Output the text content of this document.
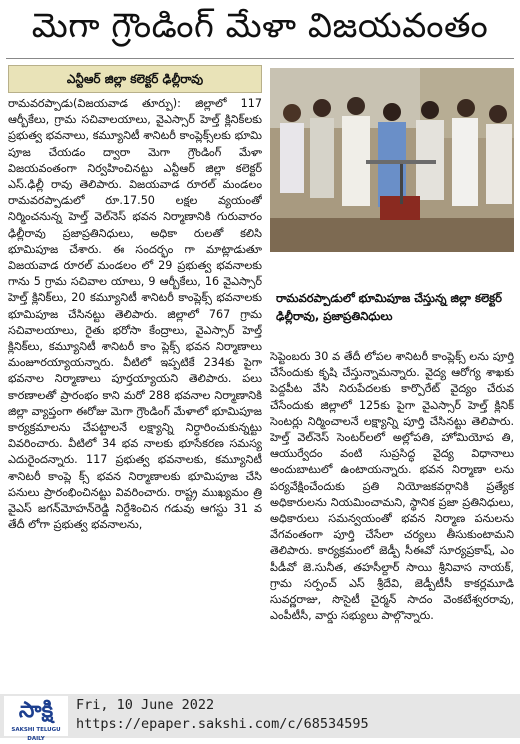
మెగా గ్రౌండింగ్ మేళా విజయవంతం
ఎన్టీఆర్ జిల్లా కలెక్టర్ ఢిల్లీరావు

రామవరప్పాడు(విజయవాడ తూర్పు): జిల్లాలో 117 ఆర్బీకేలు, గ్రామ సచివాలయాలు, వైఎస్సార్ హెల్త్ క్లినిక్‌లకు ప్రభుత్వ భవనాలు, కమ్యూనిటీ శానిటరీ కాంప్లెక్స్‌లకు భూమి పూజ చేయడం ద్వారా మెగా గ్రౌండింగ్ మేళా విజయవంతంగా నిర్వహించినట్టు ఎన్టీఆర్ జిల్లా కలెక్టర్ ఎస్.ఢిల్లీ రావు తెలిపారు. విజయవాడ రూరల్ మండలం రామవరప్పాడులో రూ.17.50 లక్షల వ్యయంతో నిర్మించనున్న హెల్త్ వెల్‌నెస్ భవన నిర్మాణానికి గురువారం ఢిల్లీరావు ప్రజాప్రతినిధులు, అధికా రులతో కలిసి భూమిపూజ చేశారు. ఈ సందర్భం గా మాట్లాడుతూ విజయవాడ రూరల్ మండలం లో 29 ప్రభుత్వ భవనాలకు గాను 5 గ్రామ సచివాల యాలు, 9 ఆర్బీకేలు, 16 వైఎస్సార్ హెల్త్ క్లినిక్‌లు, 20 కమ్యూనిటీ శానిటరీ కాంప్లెక్స్ భవనాలకు భూమిపూజ చేసినట్టు తెలిపారు. జిల్లాలో 767 గ్రామ సచివాలయాలు, రైతు భరోసా కేంద్రాలు, వైఎస్సార్ హెల్త్ క్లినిక్‌లు, కమ్యూనిటీ శానిటరీ కాం ప్లెక్స్ భవన నిర్మాణాలు మంజూరయ్యాయన్నారు. వీటిలో ఇప్పటికే 234కు పైగా భవనాల నిర్మాణాలు పూర్తయ్యాయని తెలిపారు. పలు కారణాలతో ప్రారంభం కాని మరో 288 భవనాల నిర్మాణానికి జిల్లా వ్యాప్తంగా ఈరోజు మెగా గ్రౌండింగ్ మేళాలో భూమిపూజ కార్యక్రమాలను చేపట్టాలనే లక్ష్యాన్ని నిర్ధారించుకున్నట్టు వివరించారు. వీటిలో 34 భవ నాలకు భూసేకరణ సమస్య ఎదురైందన్నారు. 117 ప్రభుత్వ భవనాలకు, కమ్యూనిటీ శానిటరీ కాంప్లె క్స్ భవన నిర్మాణాలకు భూమిపూజ చేసి పనులు ప్రారంభించినట్టు వివరించారు. రాష్ట్ర ముఖ్యమం త్రి వైఎస్ జగన్‌మోహన్‌రెడ్డి నిర్దేశించిన గడువు ఆగస్టు 31 వ తేదీ లోగా ప్రభుత్వ భవనాలను,

రామవరప్పాడులో భూమిపూజ చేస్తున్న జిల్లా కలెక్టర్ ఢిల్లీరావు, ప్రజాప్రతినిధులు

సెప్టెంబరు 30 వ తేదీ లోపల శానిటరీ కాంప్లెక్స్ లను పూర్తి చేసేందుకు కృషి చేస్తున్నామన్నారు. వైద్య ఆరోగ్య శాఖకు పెద్దపీట వేసి నిరుపేదలకు కార్పొరేట్ వైద్యం చేరువ చేసేందుకు జిల్లాలో 125కు పైగా వైఎస్సార్ హెల్త్ క్లినిక్ సెంటర్లు నిర్మించాలనే లక్ష్యాన్ని పూర్తి చేసినట్టు తెలిపారు. హెల్త్ వెల్‌నెస్ సెంటర్‌లలో అల్లోపతి, హోమియోప తి, ఆయుర్వేదం వంటి సుప్రసిద్ధ వైద్య విధానాలు అందుబాటులో ఉంటాయన్నారు. భవన నిర్మాణా లను పర్యవేక్షించేందుకు ప్రతి నియోజకవర్గానికి ప్రత్యేక అధికారులను నియమించామని, స్థానిక ప్రజా ప్రతినిధులు, అధికారులు సమన్వయంతో భవన నిర్మాణ పనులను వేగవంతంగా పూర్తి చేసేలా చర్యలు తీసుకుంటామని తెలిపారు. కార్యక్రమంలో జెడ్పీ సీఈవో సూర్యప్రకాష్, ఎం పీడీవో జె.సునీత, తహసీల్దార్ సాయి శ్రీనివాస నాయక్, గ్రామ సర్పంచ్ ఎస్ శ్రీదేవి, జెడ్పీటీసీ కాకర్లమూడి సువర్ణరాజు, సొసైటీ చైర్మన్ సాదం వెంకటేశ్వరరావు, ఎంపీటీసీ, వార్డు సభ్యులు పాల్గొన్నారు.

సాక్షి
SAKSHI TELUGU DAILY
Fri, 10 June 2022
https://epaper.sakshi.com/c/68534595
